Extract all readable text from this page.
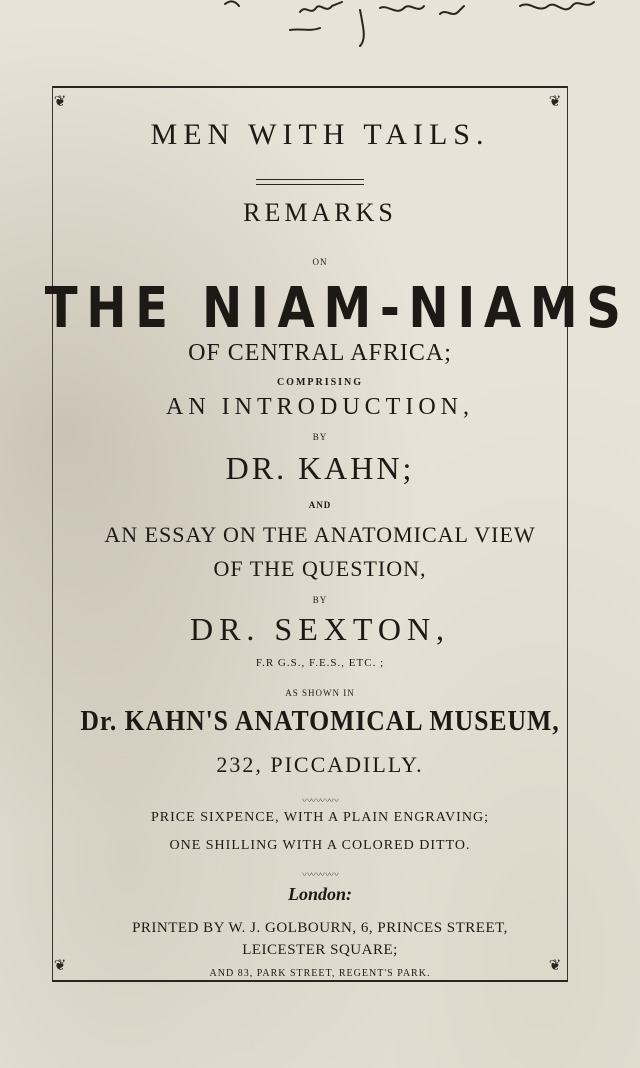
❦	❦
❦	❦
MEN WITH TAILS.
REMARKS
ON
THE NIAM-NIAMS
OF CENTRAL AFRICA;
COMPRISING
AN INTRODUCTION,
BY
DR. KAHN;
AND
AN ESSAY ON THE ANATOMICAL VIEW
OF THE QUESTION,
BY
DR. SEXTON,
F.R G.S., F.E.S., ETC. ;
AS SHOWN IN
Dr. KAHN'S ANATOMICAL MUSEUM,
232, PICCADILLY.
〰〰〰〰
PRICE SIXPENCE, WITH A PLAIN ENGRAVING;
ONE SHILLING WITH A COLORED DITTO.
〰〰〰〰
London:
PRINTED BY W. J. GOLBOURN, 6, PRINCES STREET,
LEICESTER SQUARE;
AND 83, PARK STREET, REGENT'S PARK.
